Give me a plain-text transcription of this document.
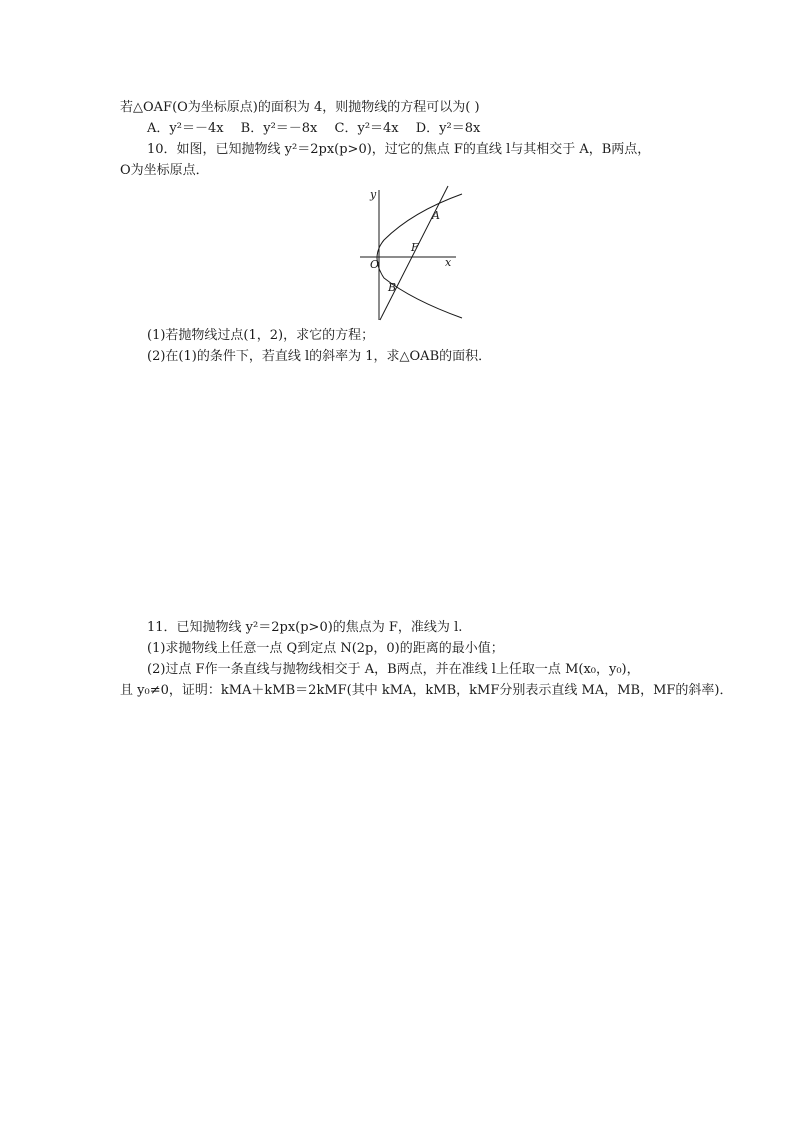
若△OAF(O为坐标原点)的面积为 4，则抛物线的方程可以为( )
A．y²＝－4x　 B．y²＝－8x　 C．y²＝4x　 D．y²＝8x
10．如图，已知抛物线 y²＝2px(p>0)，过它的焦点 F的直线 l与其相交于 A，B两点，
O为坐标原点．
y
x
O
A
F
B
(1)若抛物线过点(1，2)，求它的方程；
(2)在(1)的条件下，若直线 l的斜率为 1，求△OAB的面积．
11．已知抛物线 y²＝2px(p>0)的焦点为 F，准线为 l.
(1)求抛物线上任意一点 Q到定点 N(2p，0)的距离的最小值；
(2)过点 F作一条直线与抛物线相交于 A，B两点，并在准线 l上任取一点 M(x₀，y₀)，
且 y₀≠0，证明：kMA＋kMB＝2kMF(其中 kMA，kMB，kMF分别表示直线 MA，MB，MF的斜率)．
